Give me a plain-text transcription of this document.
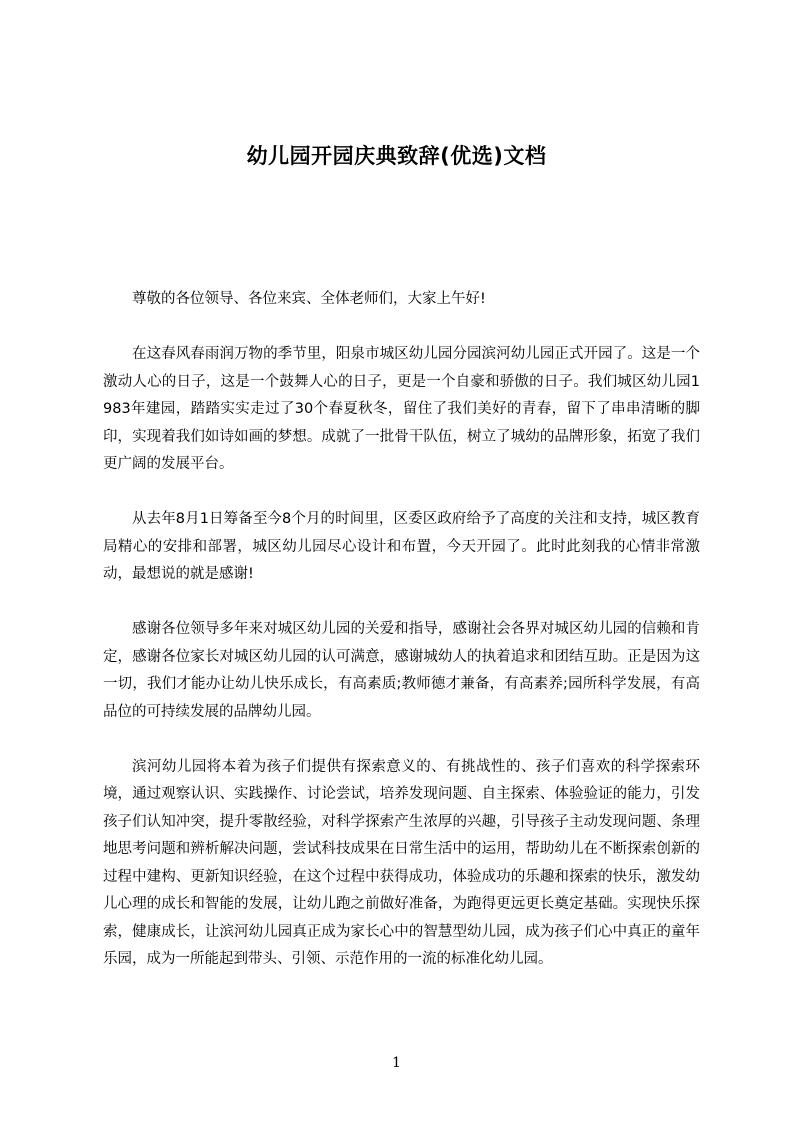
幼儿园开园庆典致辞(优选)文档

尊敬的各位领导、各位来宾、全体老师们，大家上午好!

在这春风春雨润万物的季节里，阳泉市城区幼儿园分园滨河幼儿园正式开园了。这是一个激动人心的日子，这是一个鼓舞人心的日子，更是一个自豪和骄傲的日子。我们城区幼儿园1983年建园，踏踏实实走过了30个春夏秋冬，留住了我们美好的青春，留下了串串清晰的脚印，实现着我们如诗如画的梦想。成就了一批骨干队伍，树立了城幼的品牌形象，拓宽了我们更广阔的发展平台。

从去年8月1日筹备至今8个月的时间里，区委区政府给予了高度的关注和支持，城区教育局精心的安排和部署，城区幼儿园尽心设计和布置，今天开园了。此时此刻我的心情非常激动，最想说的就是感谢!

感谢各位领导多年来对城区幼儿园的关爱和指导，感谢社会各界对城区幼儿园的信赖和肯定，感谢各位家长对城区幼儿园的认可满意，感谢城幼人的执着追求和团结互助。正是因为这一切，我们才能办让幼儿快乐成长，有高素质;教师德才兼备，有高素养;园所科学发展，有高品位的可持续发展的品牌幼儿园。

滨河幼儿园将本着为孩子们提供有探索意义的、有挑战性的、孩子们喜欢的科学探索环境，通过观察认识、实践操作、讨论尝试，培养发现问题、自主探索、体验验证的能力，引发孩子们认知冲突，提升零散经验，对科学探索产生浓厚的兴趣，引导孩子主动发现问题、条理地思考问题和辨析解决问题，尝试科技成果在日常生活中的运用，帮助幼儿在不断探索创新的过程中建构、更新知识经验，在这个过程中获得成功，体验成功的乐趣和探索的快乐，激发幼儿心理的成长和智能的发展，让幼儿跑之前做好准备，为跑得更远更长奠定基础。实现快乐探索，健康成长，让滨河幼儿园真正成为家长心中的智慧型幼儿园，成为孩子们心中真正的童年乐园，成为一所能起到带头、引领、示范作用的一流的标准化幼儿园。

1
